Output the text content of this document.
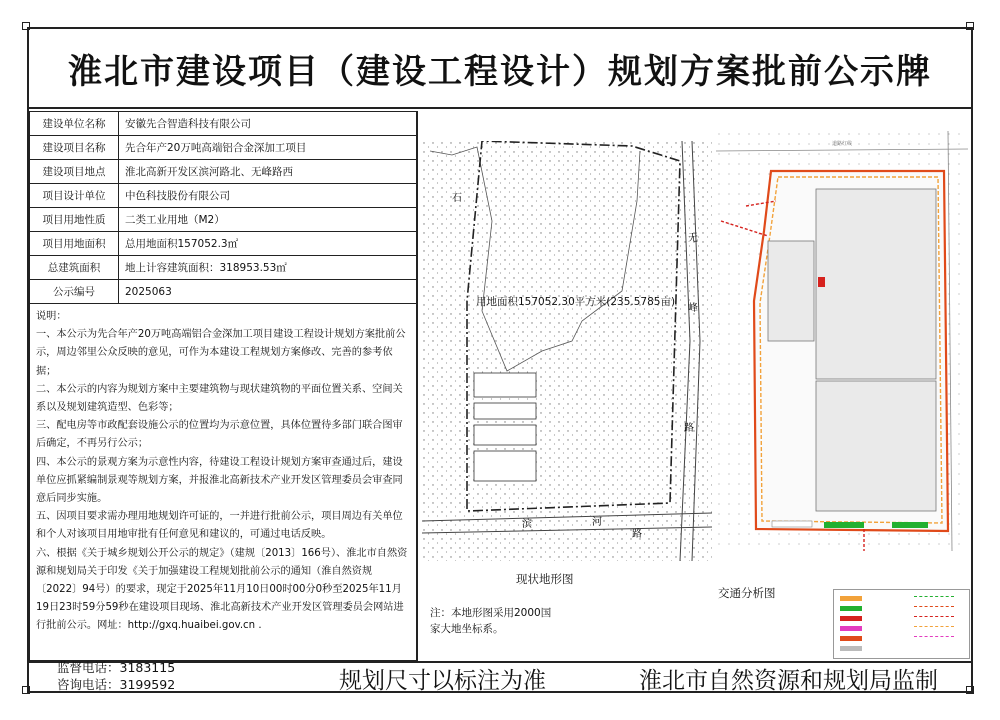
淮北市建设项目（建设工程设计）规划方案批前公示牌
建设单位名称	安徽先合智造科技有限公司
建设项目名称	先合年产20万吨高端铝合金深加工项目
建设项目地点	淮北高新开发区滨河路北、无峰路西
项目设计单位	中色科技股份有限公司
项目用地性质	二类工业用地（M2）
项目用地面积	总用地面积157052.3㎡
总建筑面积	地上计容建筑面积：318953.53㎡
公示编号	2025063

说明：

一、本公示为先合年产20万吨高端铝合金深加工项目建设工程设计规划方案批前公示，周边邻里公众反映的意见，可作为本建设工程规划方案修改、完善的参考依据；

二、本公示的内容为规划方案中主要建筑物与现状建筑物的平面位置关系、空间关系以及规划建筑造型、色彩等；

三、配电房等市政配套设施公示的位置均为示意位置，具体位置待多部门联合图审后确定，不再另行公示；

四、本公示的景观方案为示意性内容，待建设工程设计规划方案审查通过后，建设单位应抓紧编制景观等规划方案，并报淮北高新技术产业开发区管理委员会审查同意后同步实施。

五、因项目要求需办理用地规划许可证的，一并进行批前公示，项目周边有关单位和个人对该项目用地审批有任何意见和建议的，可通过电话反映。

六、根据《关于城乡规划公开公示的规定》（建规〔2013〕166号）、淮北市自然资源和规划局关于印发《关于加强建设工程规划批前公示的通知（淮自然资规〔2022〕94号）的要求，现定于2025年11月10日00时00分0秒至2025年11月19日23时59分59秒在建设项目现场、淮北高新技术产业开发区管理委员会网站进行批前公示。网址：http://gxq.huaibei.gov.cn .

无
峰
路
滨	河
路
石
用地面积157052.30平方米(235.5785亩)
道路红线
现状地形图
交通分析图
注：本地形图采用2000国家大地坐标系。
监督电话：3183115
咨询电话：3199592	规划尺寸以标注为准	淮北市自然资源和规划局监制
